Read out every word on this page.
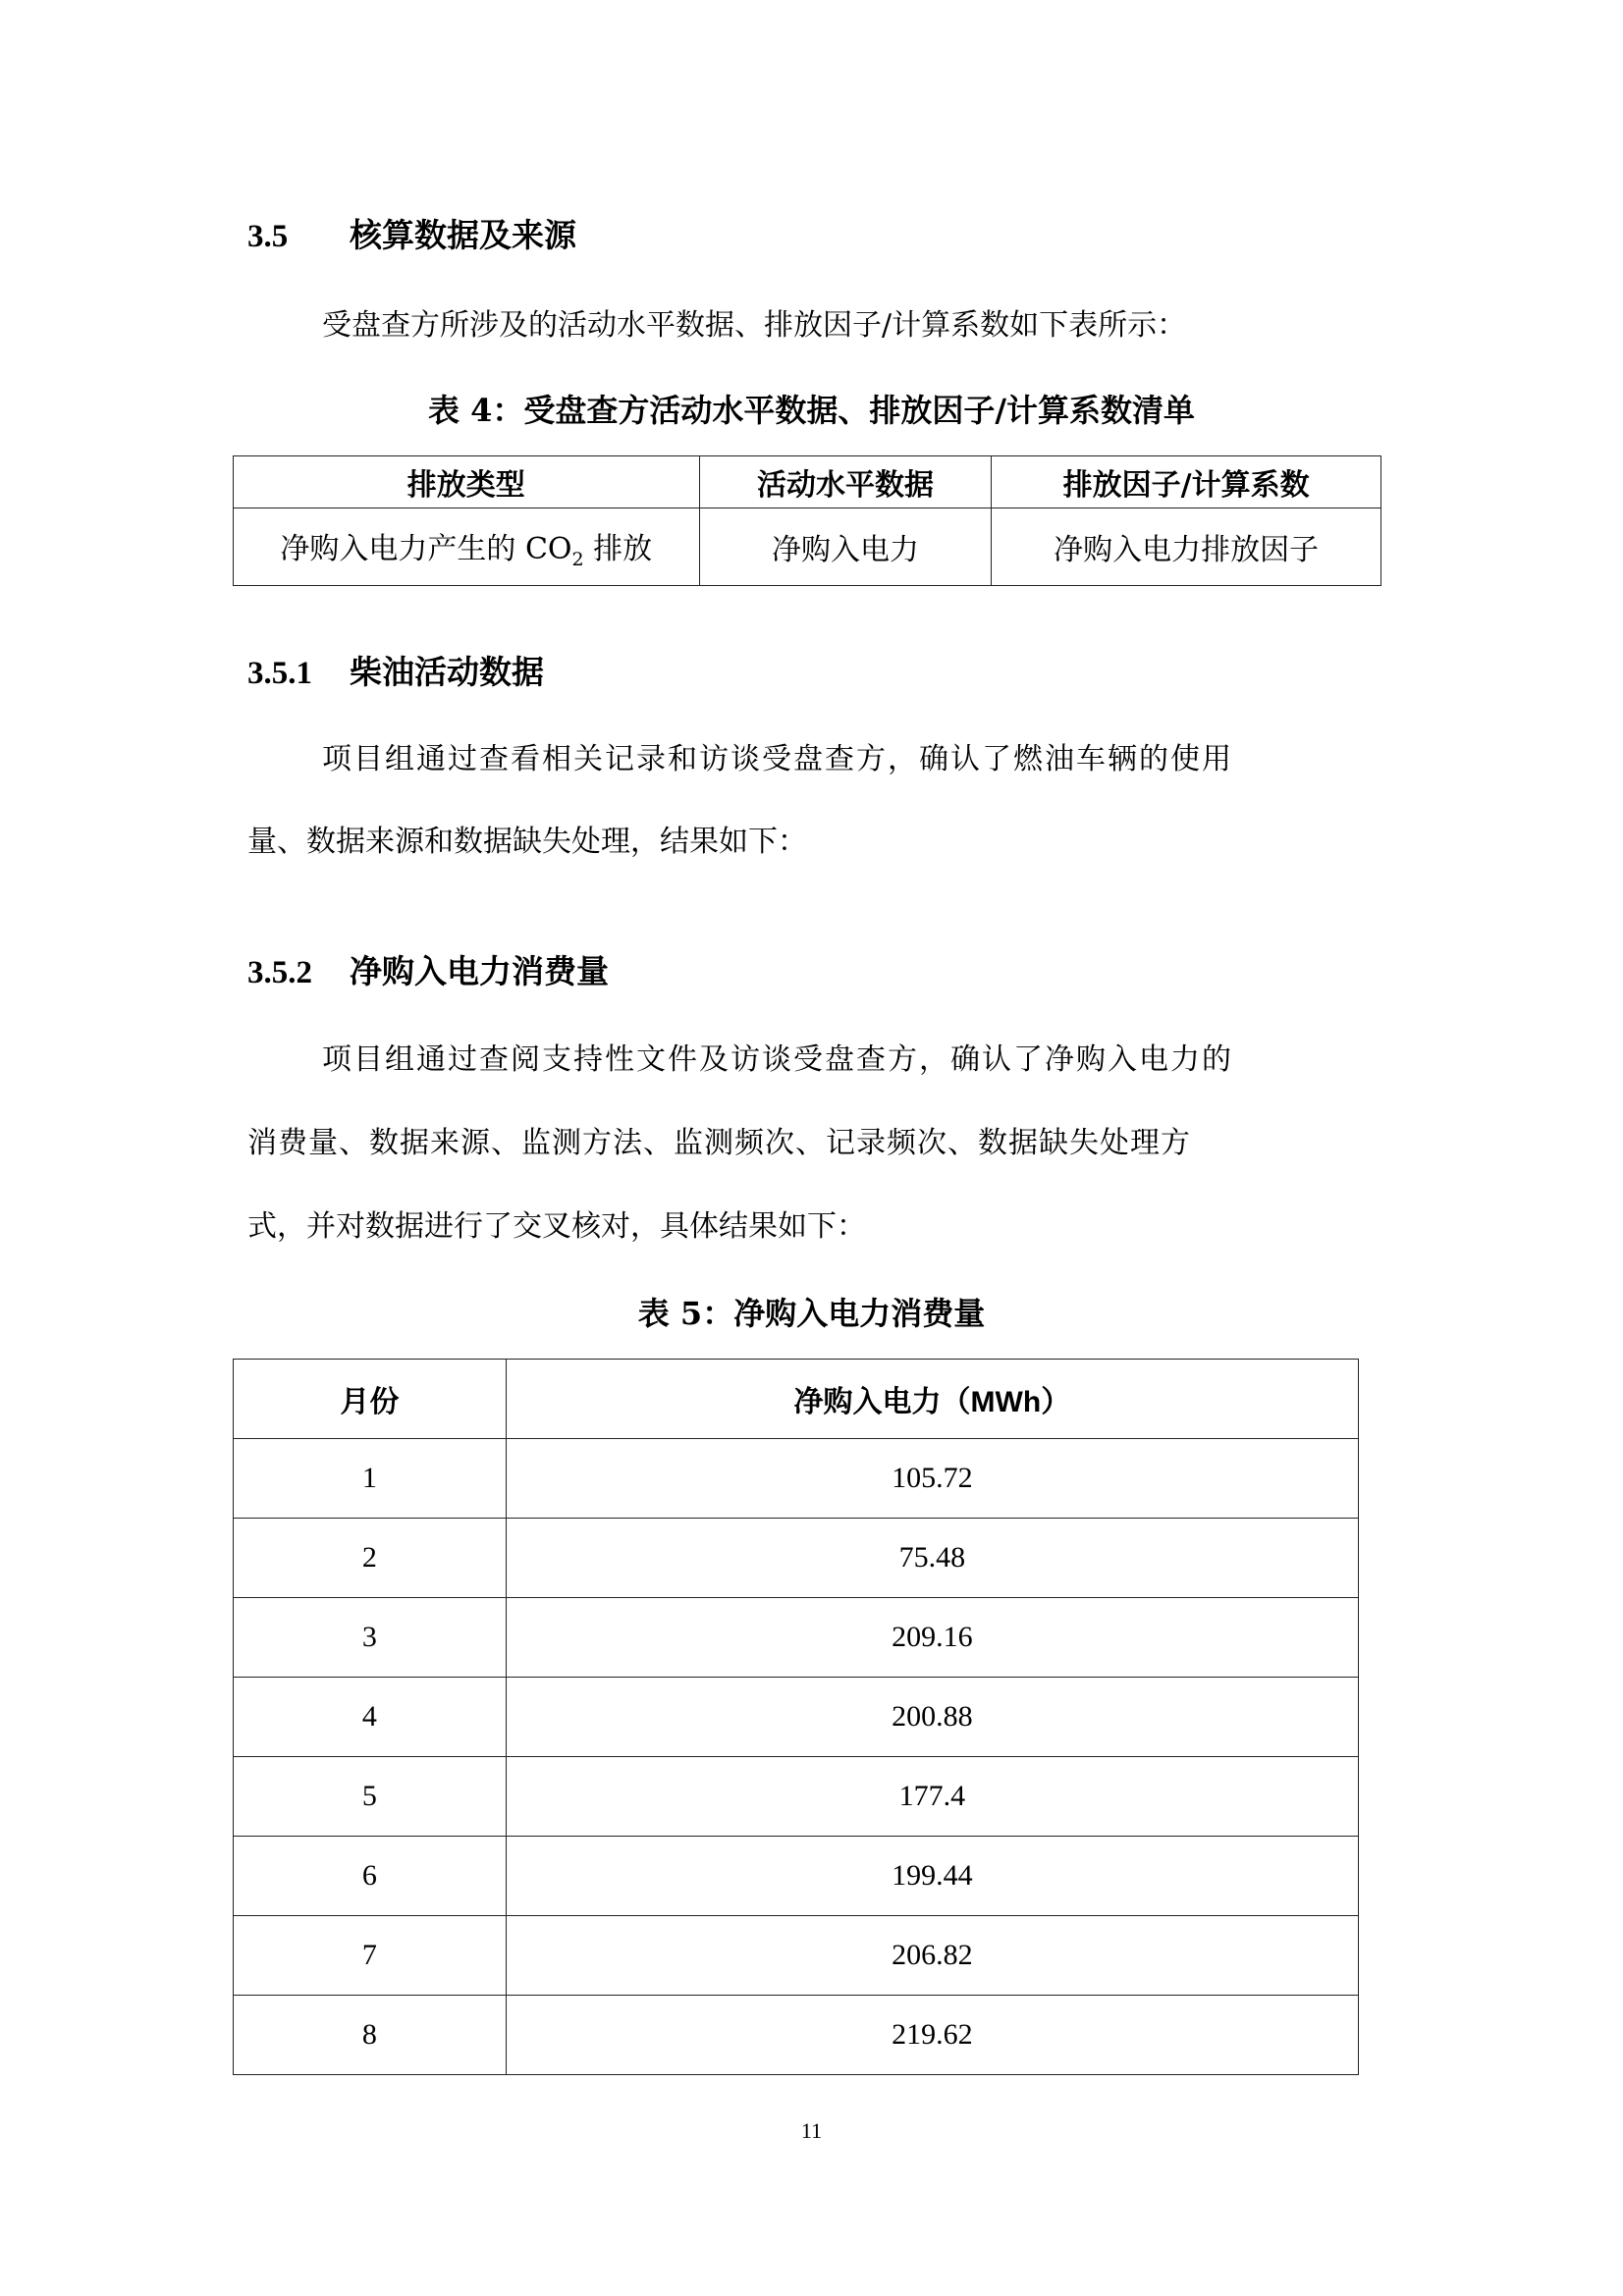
3.5 核算数据及来源
受盘查方所涉及的活动水平数据、排放因子/计算系数如下表所示：
表 4：受盘查方活动水平数据、排放因子/计算系数清单
排放类型	活动水平数据	排放因子/计算系数
净购入电力产生的 $CO_2$ 排放	净购入电力	净购入电力排放因子
3.5.1 柴油活动数据
项目组通过查看相关记录和访谈受盘查方，确认了燃油车辆的使用
量、数据来源和数据缺失处理，结果如下：
3.5.2 净购入电力消费量
项目组通过查阅支持性文件及访谈受盘查方，确认了净购入电力的
消费量、数据来源、监测方法、监测频次、记录频次、数据缺失处理方
式，并对数据进行了交叉核对，具体结果如下：
表 5：净购入电力消费量
月份	净购入电力（MWh）
1	105.72
2	75.48
3	209.16
4	200.88
5	177.4
6	199.44
7	206.82
8	219.62
11
